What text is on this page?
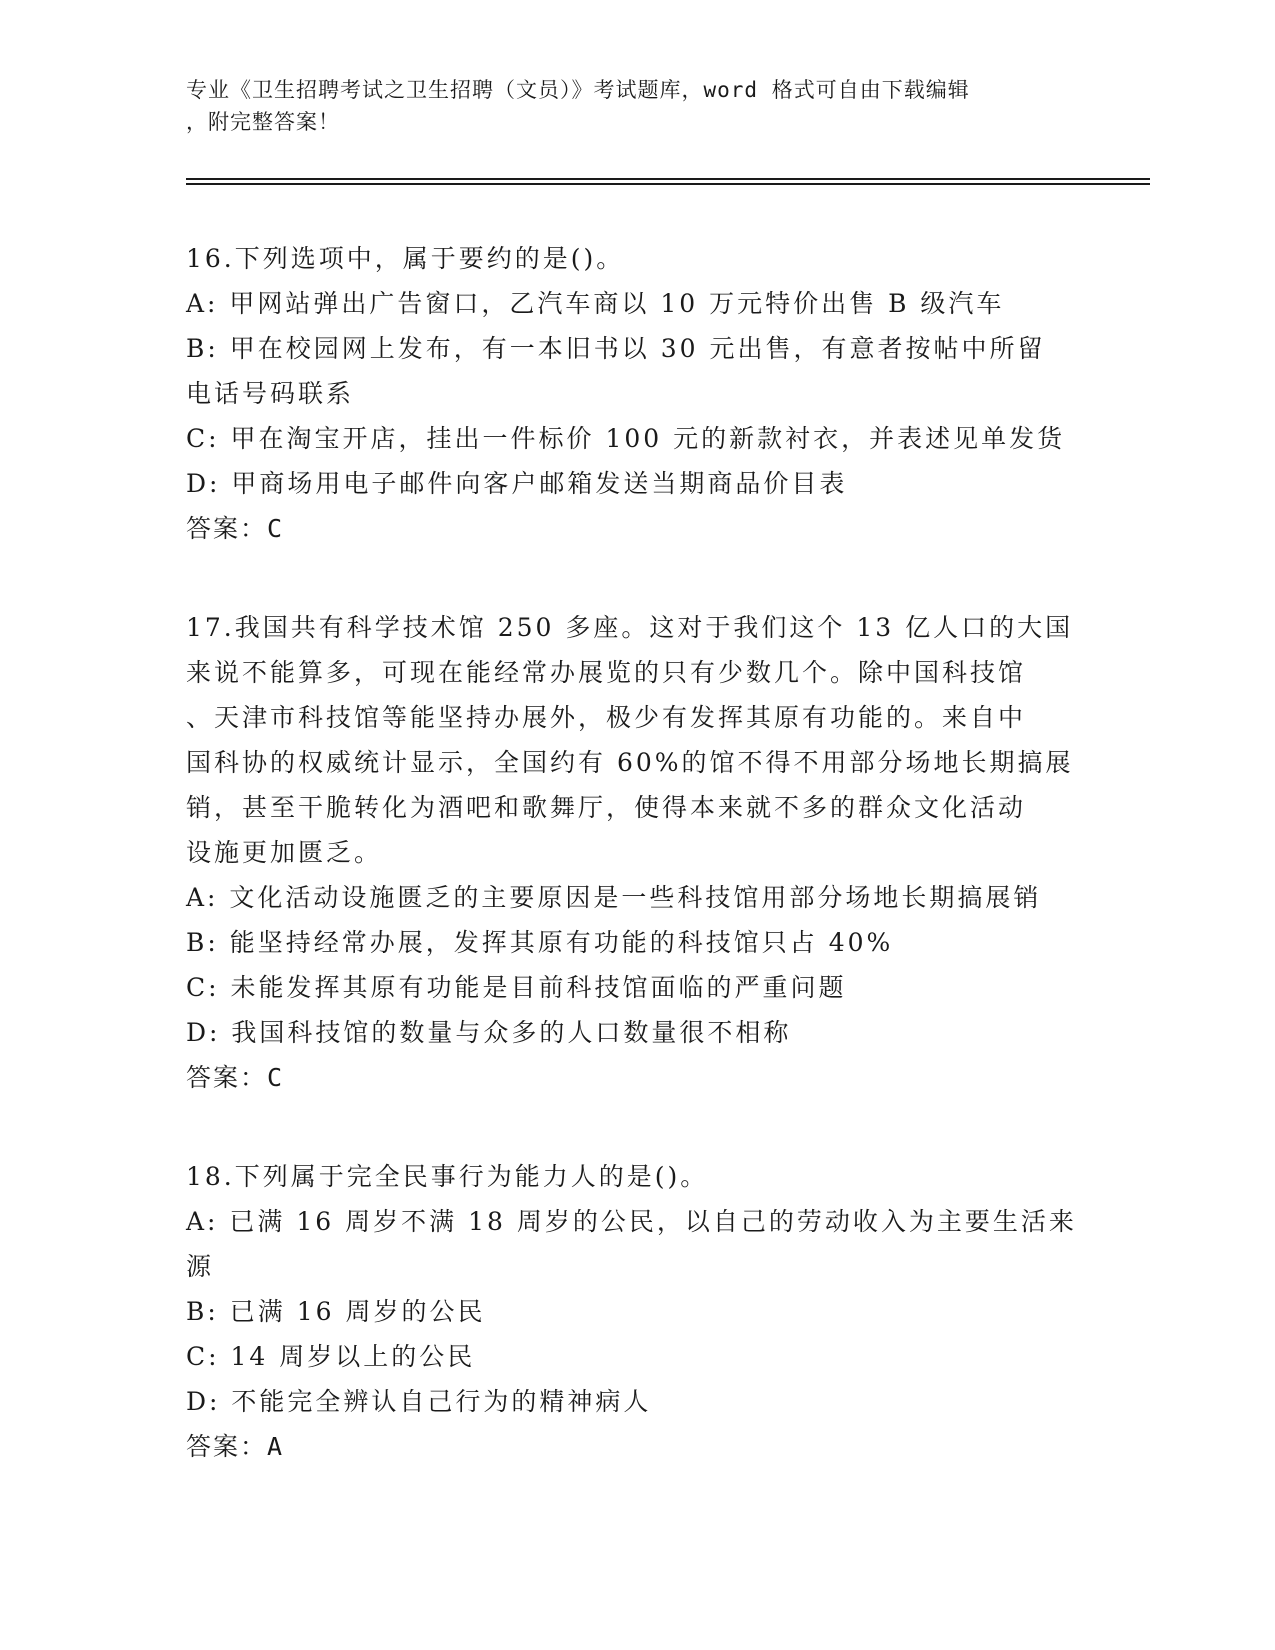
专业《卫生招聘考试之卫生招聘（文员）》考试题库，word 格式可自由下载编辑
，附完整答案！
16.下列选项中，属于要约的是()。
A: 甲网站弹出广告窗口，乙汽车商以 10 万元特价出售 B 级汽车
B: 甲在校园网上发布，有一本旧书以 30 元出售，有意者按帖中所留
电话号码联系
C: 甲在淘宝开店，挂出一件标价 100 元的新款衬衣，并表述见单发货
D: 甲商场用电子邮件向客户邮箱发送当期商品价目表
答案：C
17.我国共有科学技术馆 250 多座。这对于我们这个 13 亿人口的大国
来说不能算多，可现在能经常办展览的只有少数几个。除中国科技馆
、天津市科技馆等能坚持办展外，极少有发挥其原有功能的。来自中
国科协的权威统计显示，全国约有 60%的馆不得不用部分场地长期搞展
销，甚至干脆转化为酒吧和歌舞厅，使得本来就不多的群众文化活动
设施更加匮乏。
A: 文化活动设施匮乏的主要原因是一些科技馆用部分场地长期搞展销
B: 能坚持经常办展，发挥其原有功能的科技馆只占 40%
C: 未能发挥其原有功能是目前科技馆面临的严重问题
D: 我国科技馆的数量与众多的人口数量很不相称
答案：C
18.下列属于完全民事行为能力人的是()。
A: 已满 16 周岁不满 18 周岁的公民，以自己的劳动收入为主要生活来
源
B: 已满 16 周岁的公民
C: 14 周岁以上的公民
D: 不能完全辨认自己行为的精神病人
答案：A
